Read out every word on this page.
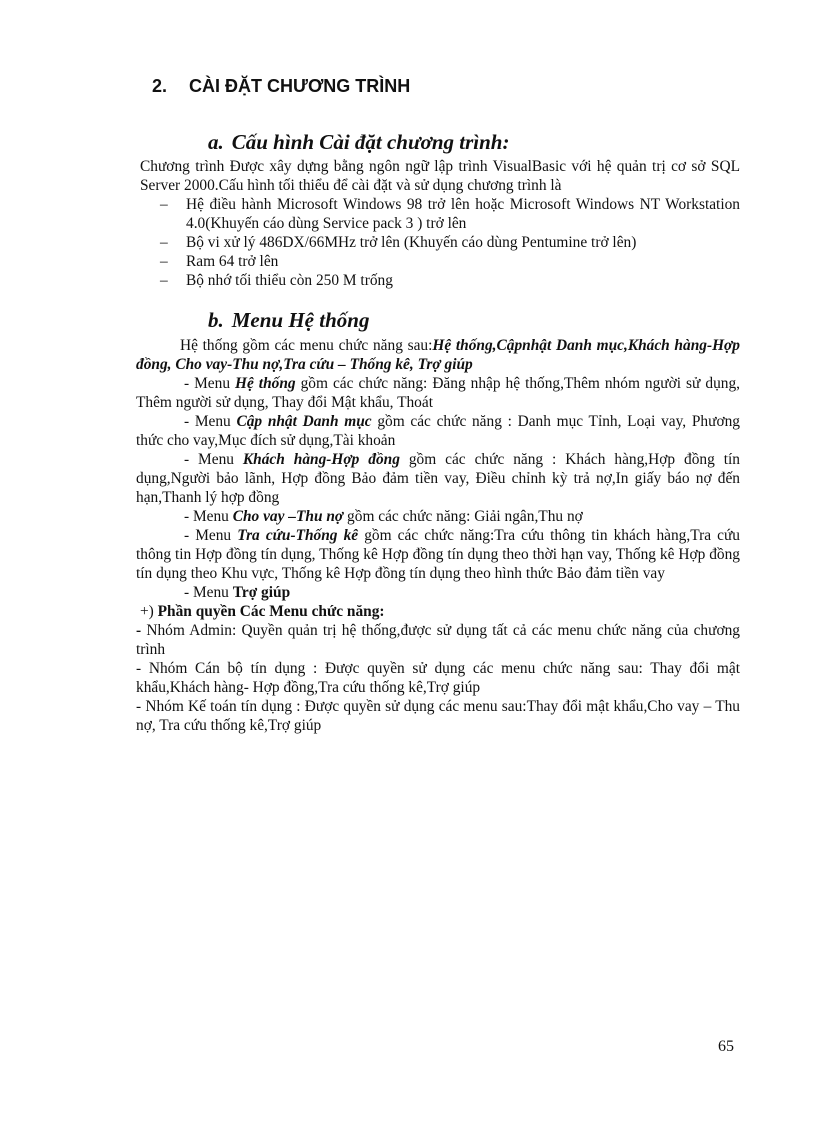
2. CÀI ĐẶT CHƯƠNG TRÌNH
a. Cấu hình Cài đặt chương trình:

Chương trình Được xây dựng bằng ngôn ngữ lập trình VisualBasic với hệ quản trị cơ sở SQL Server 2000.Cấu hình tối thiểu để cài đặt và sử dụng chương trình là

– Hệ điều hành Microsoft Windows 98 trở lên hoặc Microsoft Windows NT Workstation 4.0(Khuyến cáo dùng Service pack 3 ) trở lên
– Bộ vi xử lý 486DX/66MHz trở lên (Khuyến cáo dùng Pentumine trở lên)
– Ram 64 trở lên
– Bộ nhớ tối thiểu còn 250 M trống
b. Menu Hệ thống

Hệ thống gồm các menu chức năng sau:Hệ thống,Cậpnhật Danh mục,Khách hàng-Hợp đồng, Cho vay-Thu nợ,Tra cứu – Thống kê, Trợ giúp

- Menu Hệ thống gồm các chức năng: Đăng nhập hệ thống,Thêm nhóm người sử dụng, Thêm người sử dụng, Thay đổi Mật khẩu, Thoát

- Menu Cập nhật Danh mục gồm các chức năng : Danh mục Tỉnh, Loại vay, Phương thức cho vay,Mục đích sử dụng,Tài khoản

- Menu Khách hàng-Hợp đồng gồm các chức năng : Khách hàng,Hợp đồng tín dụng,Người bảo lãnh, Hợp đồng Bảo đảm tiền vay, Điều chỉnh kỳ trả nợ,In giấy báo nợ đến hạn,Thanh lý hợp đồng

- Menu Cho vay –Thu nợ gồm các chức năng: Giải ngân,Thu nợ

- Menu Tra cứu-Thống kê gồm các chức năng:Tra cứu thông tin khách hàng,Tra cứu thông tin Hợp đồng tín dụng, Thống kê Hợp đồng tín dụng theo thời hạn vay, Thống kê Hợp đồng tín dụng theo Khu vực, Thống kê Hợp đồng tín dụng theo hình thức Bảo đảm tiền vay

- Menu Trợ giúp

+) Phần quyền Các Menu chức năng:

- Nhóm Admin: Quyền quản trị hệ thống,được sử dụng tất cả các menu chức năng của chương trình

- Nhóm Cán bộ tín dụng : Được quyền sử dụng các menu chức năng sau: Thay đổi mật khẩu,Khách hàng- Hợp đồng,Tra cứu thống kê,Trợ giúp

- Nhóm Kế toán tín dụng : Được quyền sử dụng các menu sau:Thay đổi mật khẩu,Cho vay – Thu nợ, Tra cứu thống kê,Trợ giúp

65
